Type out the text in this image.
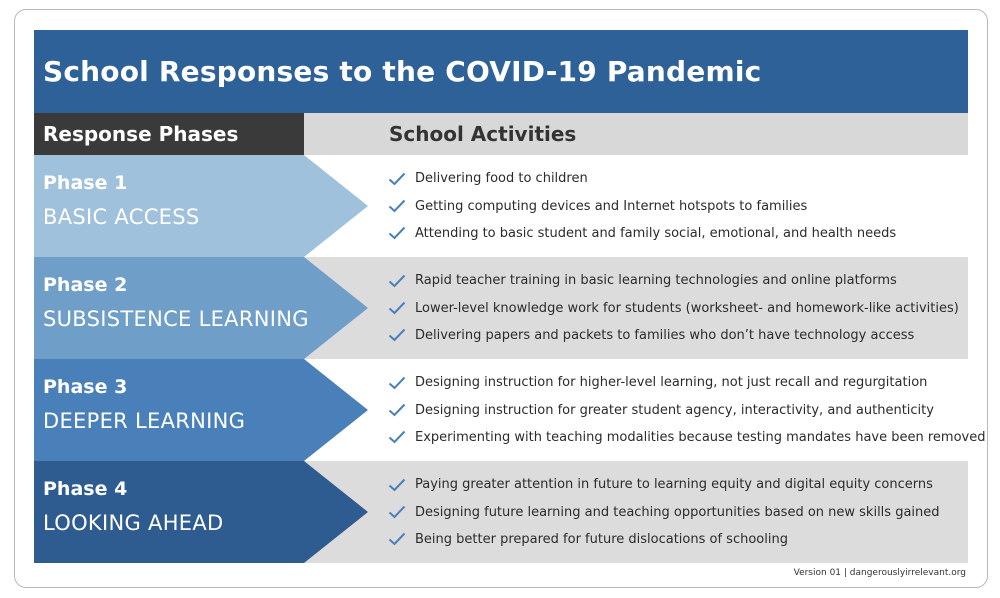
School Responses to the COVID-19 Pandemic
Response Phases	School Activities
Phase 1
BASIC ACCESS
Delivering food to children
Getting computing devices and Internet hotspots to families
Attending to basic student and family social, emotional, and health needs
Phase 2
SUBSISTENCE LEARNING
Rapid teacher training in basic learning technologies and online platforms
Lower-level knowledge work for students (worksheet- and homework-like activities)
Delivering papers and packets to families who don’t have technology access
Phase 3
DEEPER LEARNING
Designing instruction for higher-level learning, not just recall and regurgitation
Designing instruction for greater student agency, interactivity, and authenticity
Experimenting with teaching modalities because testing mandates have been removed
Phase 4
LOOKING AHEAD
Paying greater attention in future to learning equity and digital equity concerns
Designing future learning and teaching opportunities based on new skills gained
Being better prepared for future dislocations of schooling
Version 01 | dangerouslyirrelevant.org
